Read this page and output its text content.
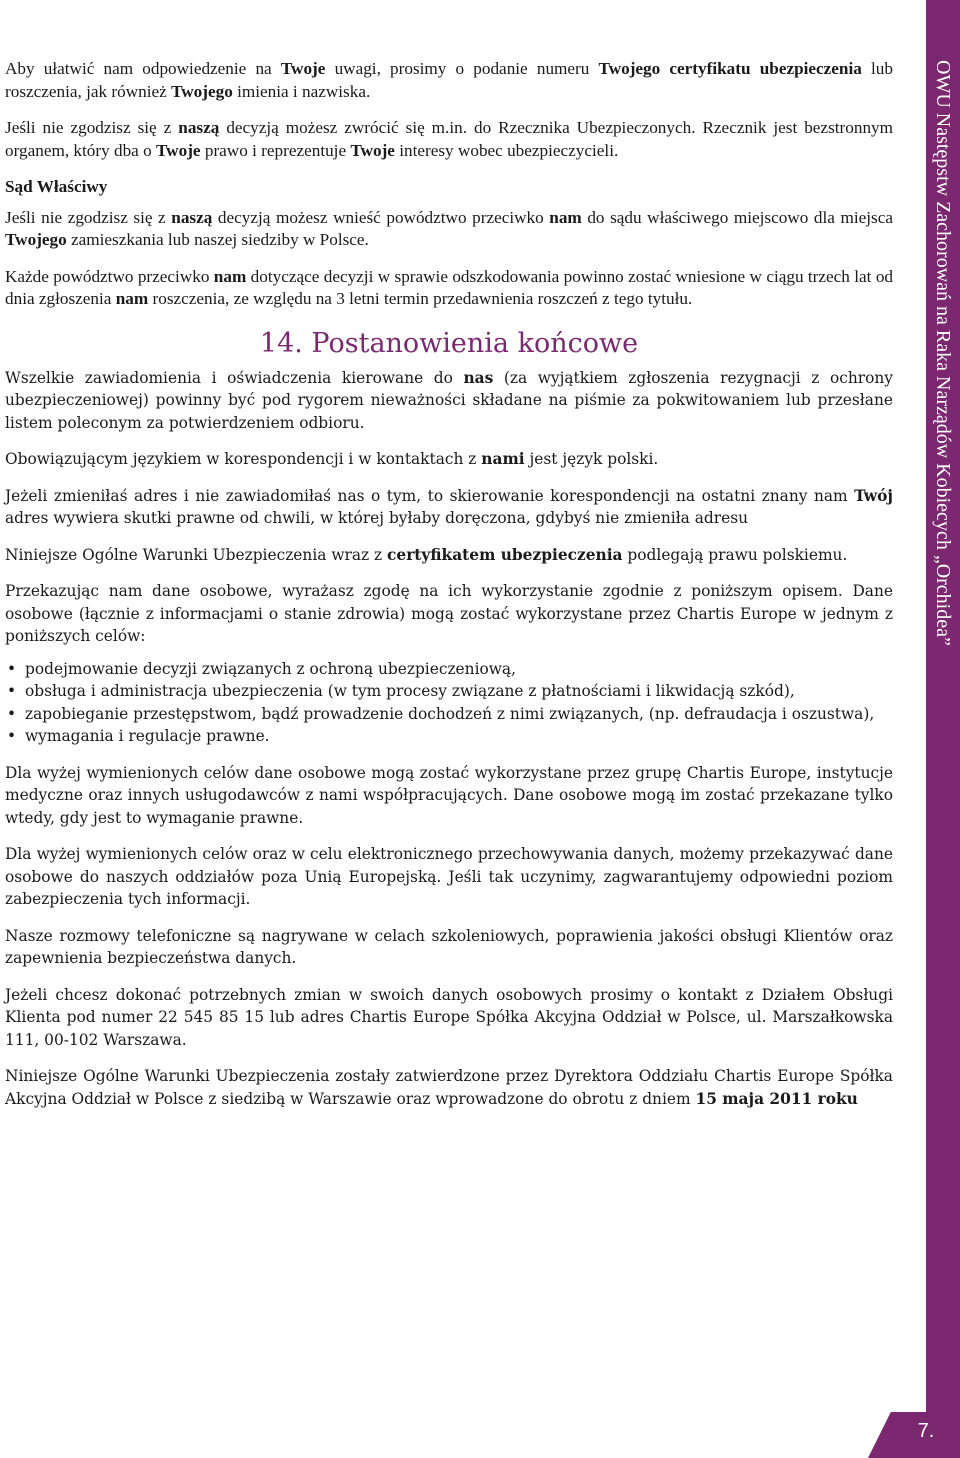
OWU Następstw Zachorowań na Raka Narządów Kobiecych „Orchidea”
7.

Aby ułatwić nam odpowiedzenie na Twoje uwagi, prosimy o podanie numeru Twojego certyfikatu ubezpieczenia lub roszczenia, jak również Twojego imienia i nazwiska.

Jeśli nie zgodzisz się z naszą decyzją możesz zwrócić się m.in. do Rzecznika Ubezpieczonych. Rzecznik jest bezstronnym organem, który dba o Twoje prawo i reprezentuje Twoje interesy wobec ubezpieczycieli.

Sąd Właściwy

Jeśli nie zgodzisz się z naszą decyzją możesz wnieść powództwo przeciwko nam do sądu właściwego miejscowo dla miejsca Twojego zamieszkania lub naszej siedziby w Polsce.

Każde powództwo przeciwko nam dotyczące decyzji w sprawie odszkodowania powinno zostać wniesione w ciągu trzech lat od dnia zgłoszenia nam roszczenia, ze względu na 3 letni termin przedawnienia roszczeń z tego tytułu.

14. Postanowienia końcowe

Wszelkie zawiadomienia i oświadczenia kierowane do nas (za wyjątkiem zgłoszenia rezygnacji z ochrony ubezpieczeniowej) powinny być pod rygorem nieważności składane na piśmie za pokwitowaniem lub przesłane listem poleconym za potwierdzeniem odbioru.

Obowiązującym językiem w korespondencji i w kontaktach z nami jest język polski.

Jeżeli zmieniłaś adres i nie zawiadomiłaś nas o tym, to skierowanie korespondencji na ostatni znany nam Twój adres wywiera skutki prawne od chwili, w której byłaby doręczona, gdybyś nie zmieniła adresu

Niniejsze Ogólne Warunki Ubezpieczenia wraz z certyfikatem ubezpieczenia podlegają prawu polskiemu.

Przekazując nam dane osobowe, wyrażasz zgodę na ich wykorzystanie zgodnie z poniższym opisem. Dane osobowe (łącznie z informacjami o stanie zdrowia) mogą zostać wykorzystane przez Chartis Europe w jednym z poniższych celów:

• podejmowanie decyzji związanych z ochroną ubezpieczeniową,
• obsługa i administracja ubezpieczenia (w tym procesy związane z płatnościami i likwidacją szkód),
• zapobieganie przestępstwom, bądź prowadzenie dochodzeń z nimi związanych, (np. defraudacja i oszustwa),
• wymagania i regulacje prawne.

Dla wyżej wymienionych celów dane osobowe mogą zostać wykorzystane przez grupę Chartis Europe, instytucje medyczne oraz innych usługodawców z nami współpracujących. Dane osobowe mogą im zostać przekazane tylko wtedy, gdy jest to wymaganie prawne.

Dla wyżej wymienionych celów oraz w celu elektronicznego przechowywania danych, możemy przekazywać dane osobowe do naszych oddziałów poza Unią Europejską. Jeśli tak uczynimy, zagwarantujemy odpowiedni poziom zabezpieczenia tych informacji.

Nasze rozmowy telefoniczne są nagrywane w celach szkoleniowych, poprawienia jakości obsługi Klientów oraz zapewnienia bezpieczeństwa danych.

Jeżeli chcesz dokonać potrzebnych zmian w swoich danych osobowych prosimy o kontakt z Działem Obsługi Klienta pod numer 22 545 85 15 lub adres Chartis Europe Spółka Akcyjna Oddział w Polsce, ul. Marszałkowska 111, 00-102 Warszawa.

Niniejsze Ogólne Warunki Ubezpieczenia zostały zatwierdzone przez Dyrektora Oddziału Chartis Europe Spółka Akcyjna Oddział w Polsce z siedzibą w Warszawie oraz wprowadzone do obrotu z dniem 15 maja 2011 roku
